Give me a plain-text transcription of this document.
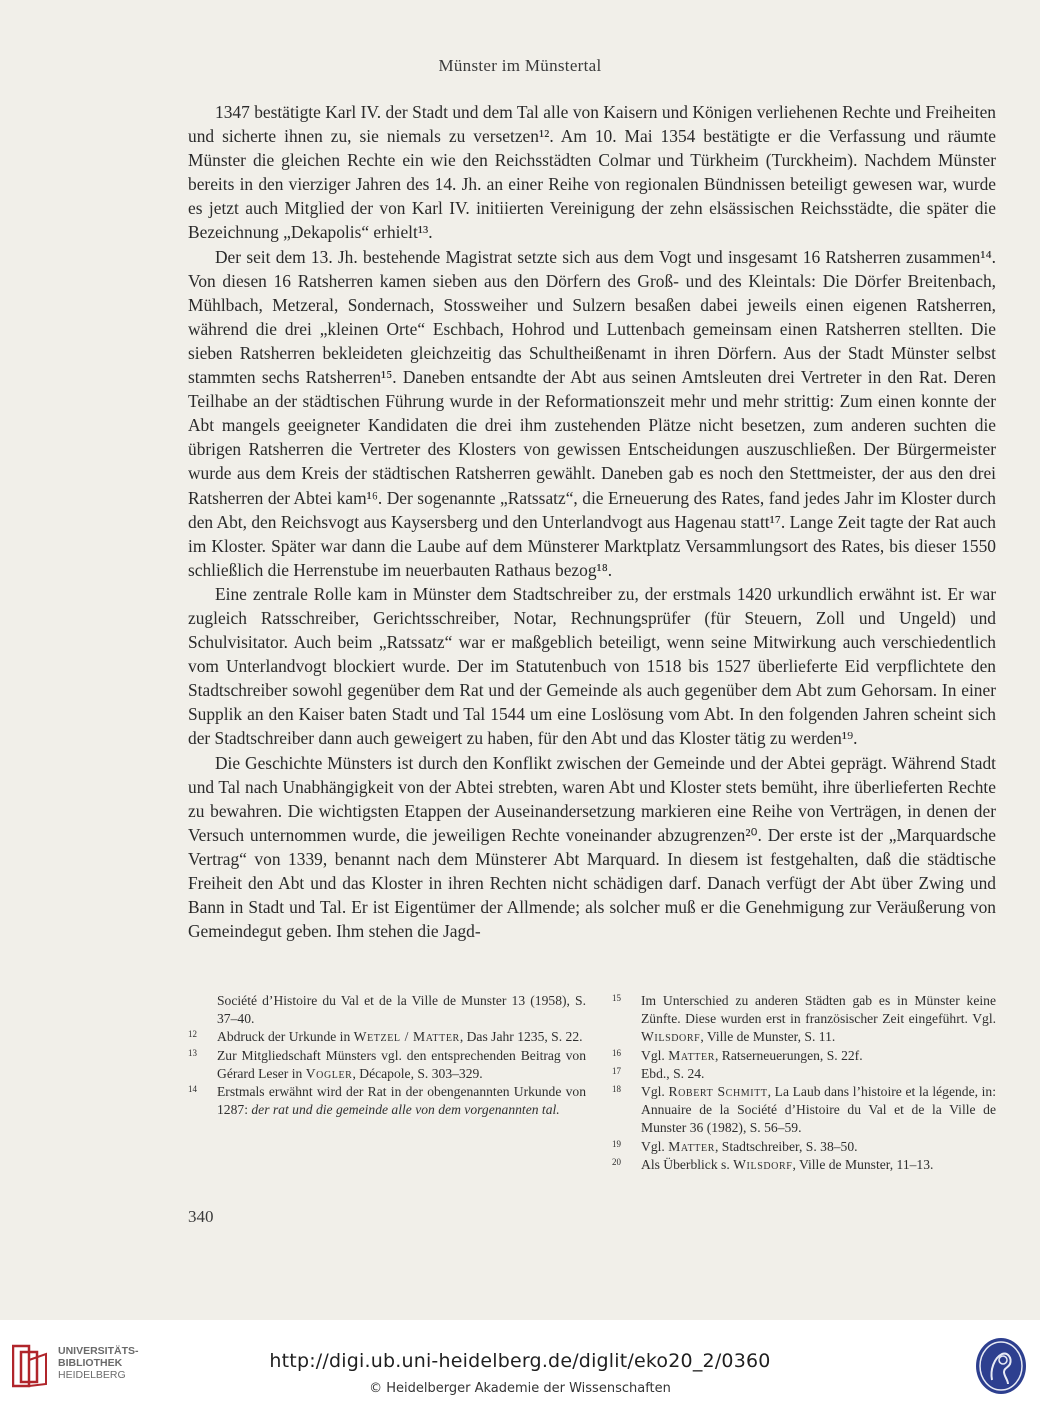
Münster im Münstertal

1347 bestätigte Karl IV. der Stadt und dem Tal alle von Kaisern und Königen verliehenen Rechte und Freiheiten und sicherte ihnen zu, sie niemals zu versetzen¹². Am 10. Mai 1354 bestätigte er die Verfassung und räumte Münster die gleichen Rechte ein wie den Reichsstädten Colmar und Türkheim (Turckheim). Nachdem Münster bereits in den vierziger Jahren des 14. Jh. an einer Reihe von regionalen Bündnissen beteiligt gewesen war, wurde es jetzt auch Mitglied der von Karl IV. initiierten Vereinigung der zehn elsässischen Reichsstädte, die später die Bezeichnung „Dekapolis“ erhielt¹³.

Der seit dem 13. Jh. bestehende Magistrat setzte sich aus dem Vogt und insgesamt 16 Ratsherren zusammen¹⁴. Von diesen 16 Ratsherren kamen sieben aus den Dörfern des Groß- und des Kleintals: Die Dörfer Breitenbach, Mühlbach, Metzeral, Sondernach, Stossweiher und Sulzern besaßen dabei jeweils einen eigenen Ratsherren, während die drei „kleinen Orte“ Eschbach, Hohrod und Luttenbach gemeinsam einen Ratsherren stellten. Die sieben Ratsherren bekleideten gleichzeitig das Schultheißenamt in ihren Dörfern. Aus der Stadt Münster selbst stammten sechs Ratsherren¹⁵. Daneben entsandte der Abt aus seinen Amtsleuten drei Vertreter in den Rat. Deren Teilhabe an der städtischen Führung wurde in der Reformationszeit mehr und mehr strittig: Zum einen konnte der Abt mangels geeigneter Kandidaten die drei ihm zustehenden Plätze nicht besetzen, zum anderen suchten die übrigen Ratsherren die Vertreter des Klosters von gewissen Entscheidungen auszuschließen. Der Bürgermeister wurde aus dem Kreis der städtischen Ratsherren gewählt. Daneben gab es noch den Stettmeister, der aus den drei Ratsherren der Abtei kam¹⁶. Der sogenannte „Ratssatz“, die Erneuerung des Rates, fand jedes Jahr im Kloster durch den Abt, den Reichsvogt aus Kaysersberg und den Unterlandvogt aus Hagenau statt¹⁷. Lange Zeit tagte der Rat auch im Kloster. Später war dann die Laube auf dem Münsterer Marktplatz Versammlungsort des Rates, bis dieser 1550 schließlich die Herrenstube im neuerbauten Rathaus bezog¹⁸.

Eine zentrale Rolle kam in Münster dem Stadtschreiber zu, der erstmals 1420 urkundlich erwähnt ist. Er war zugleich Ratsschreiber, Gerichtsschreiber, Notar, Rechnungsprüfer (für Steuern, Zoll und Ungeld) und Schulvisitator. Auch beim „Ratssatz“ war er maßgeblich beteiligt, wenn seine Mitwirkung auch verschiedentlich vom Unterlandvogt blockiert wurde. Der im Statutenbuch von 1518 bis 1527 überlieferte Eid verpflichtete den Stadtschreiber sowohl gegenüber dem Rat und der Gemeinde als auch gegenüber dem Abt zum Gehorsam. In einer Supplik an den Kaiser baten Stadt und Tal 1544 um eine Loslösung vom Abt. In den folgenden Jahren scheint sich der Stadtschreiber dann auch geweigert zu haben, für den Abt und das Kloster tätig zu werden¹⁹.

Die Geschichte Münsters ist durch den Konflikt zwischen der Gemeinde und der Abtei geprägt. Während Stadt und Tal nach Unabhängigkeit von der Abtei strebten, waren Abt und Kloster stets bemüht, ihre überlieferten Rechte zu bewahren. Die wichtigsten Etappen der Auseinandersetzung markieren eine Reihe von Verträgen, in denen der Versuch unternommen wurde, die jeweiligen Rechte voneinander abzugrenzen²⁰. Der erste ist der „Marquardsche Vertrag“ von 1339, benannt nach dem Münsterer Abt Marquard. In diesem ist festgehalten, daß die städtische Freiheit den Abt und das Kloster in ihren Rechten nicht schädigen darf. Danach verfügt der Abt über Zwing und Bann in Stadt und Tal. Er ist Eigentümer der Allmende; als solcher muß er die Genehmigung zur Veräußerung von Gemeindegut geben. Ihm stehen die Jagd-

Société d’Histoire du Val et de la Ville de Munster 13 (1958), S. 37–40.
12	Abdruck der Urkunde in Wetzel / Matter, Das Jahr 1235, S. 22.
13	Zur Mitgliedschaft Münsters vgl. den entsprechenden Beitrag von Gérard Leser in Vogler, Décapole, S. 303–329.
14	Erstmals erwähnt wird der Rat in der obengenannten Urkunde von 1287: der rat und die gemeinde alle von dem vorgenannten tal.
15	Im Unterschied zu anderen Städten gab es in Münster keine Zünfte. Diese wurden erst in französischer Zeit eingeführt. Vgl. Wilsdorf, Ville de Munster, S. 11.
16	Vgl. Matter, Ratserneuerungen, S. 22f.
17	Ebd., S. 24.
18	Vgl. Robert Schmitt, La Laub dans l’histoire et la légende, in: Annuaire de la Société d’Histoire du Val et de la Ville de Munster 36 (1982), S. 56–59.
19	Vgl. Matter, Stadtschreiber, S. 38–50.
20	Als Überblick s. Wilsdorf, Ville de Munster, 11–13.
340
UNIVERSITÄTS-
BIBLIOTHEK
HEIDELBERG
http://digi.ub.uni-heidelberg.de/diglit/eko20_2/0360
© Heidelberger Akademie der Wissenschaften
